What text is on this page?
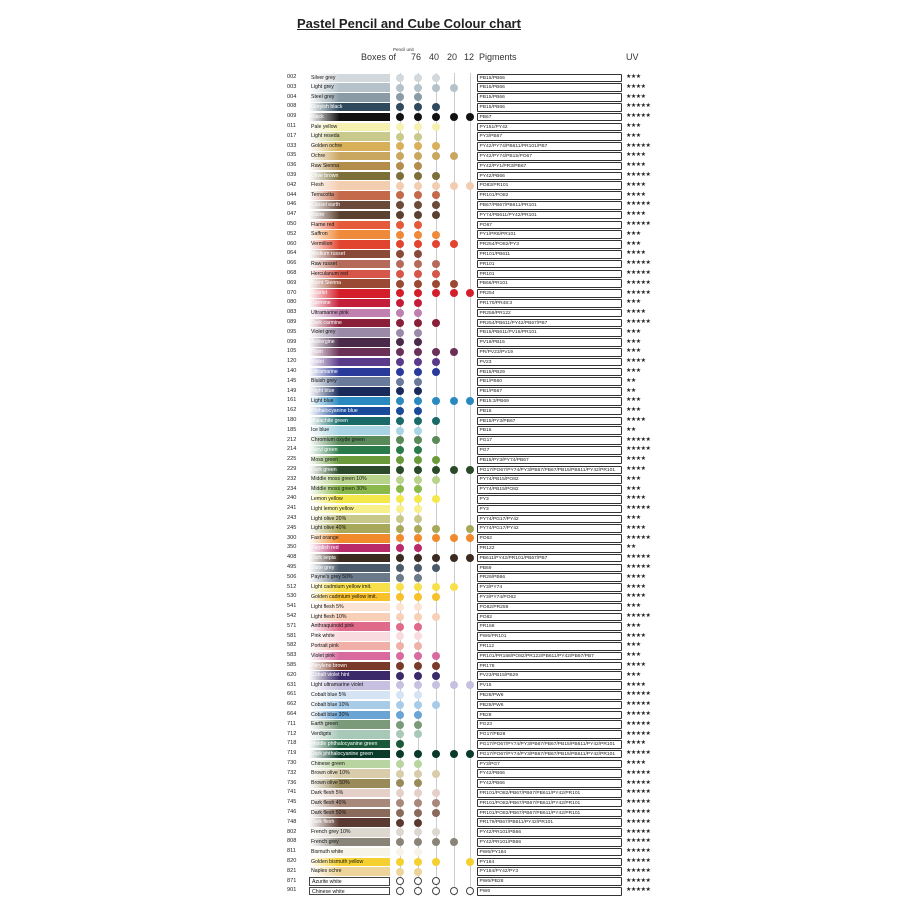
Pastel Pencil and Cube Colour chart
Boxes of
Pencil unit
76 40 20 12 Pigments	UV
002	Silver grey	PB15/PB66	★★★
003	Light grey	PB15/PB66	★★★★
004	Steel grey	PB15/PB66	★★★★
008	Greyish black	PB15/PB66	★★★★★
009	Black	PB67	★★★★★
011	Pale yellow	PY151/PY42	★★★
017	Light reseda	PY3/PB67	★★★
033	Golden ochre	PY42/PY74/PB611/PR101/PB7	★★★★★
035	Ochre	PY42/PY74/PB15/PO67	★★★★
036	Raw Sienna	PY42/PY1/PR3/PB67	★★★★
039	Olive brown	PY42/PB66	★★★★★
042	Flesh	PO83/PR101	★★★★
044	Terracotta	PR101/PO82	★★★★
046	Cassel earth	PB67/PB67/PB611/PR101	★★★★★
047	Bistre	PY74/PB611/PY42/PR101	★★★★
050	Flame red	PO67	★★★★★
052	Saffron	PY1/PR6/PR101	★★★
060	Vermilion	PR254/PO82/PY3	★★★
064	Medium russet	PR101/PB611	★★★★
066	Raw russet	PR101	★★★★★
068	Herculanum red	PR101	★★★★★
069	Burnt Sienna	PB66/PR101	★★★★★
070	Scarlet	PR254	★★★★★
080	Carmine	PR170/PR48:3	★★★
083	Ultramarine pink	PR259/PR122	★★★★
089	Dark carmine	PR254/PB611/PY42/PB67/PB7	★★★★★
095	Violet grey	PB15/PB611/PV16/PR101	★★★
099	Aubergine	PV19/PB15	★★★
105	Plum	PR/PV23/PV19	★★★
120	Violet	PV23	★★★★
140	Ultramarine	PB15/PB29	★★★
145	Bluish grey	PB1/PB60	★★
149	Night blue	PB1/PB67	★★
161	Light blue	PB15:3/PB69	★★★
162	Phthalocyanine blue	PB15	★★★
180	Malachite green	PB15/PY3/PB67	★★★★
185	Ice blue	PB16	★★
212	Chromium oxyde green	PG17	★★★★★
214	Beryl green	PG7	★★★★★
225	Moss green	PB15/PY3/PY74/PB67	★★★★
229	Dark green	PG17/PO67/PY74/PY3/PB67/PB67/PB15/PB611/PY42/PR101	★★★★
232	Middle moss green 10%	PY74/PB15/PO82	★★★
234	Middle moss green 30%	PY74/PB15/PO82	★★★
240	Lemon yellow	PY3	★★★★
241	Light lemon yellow	PY3	★★★★★
243	Light olive 20%	PY74/PG17/PY42	★★★
245	Light olive 40%	PY74/PG17/PY42	★★★★
300	Fast orange	PO62	★★★★★
350	Purplish red	PR122	★★
408	Dark sepia	PB611/PY42/PR101/PB67/PB7	★★★★★
495	Slate grey	PB69	★★★★★
506	Payne's grey 50%	PR29/PB66	★★★★
512	Light cadmium yellow imit.	PY3/PY74	★★★★
530	Golden cadmium yellow imit.	PY3/PY74/PO62	★★★★
541	Light flesh 5%	PO82/PR259	★★★
542	Light flesh 10%	PO82	★★★★★
571	Anthraquinoid pink	PR168	★★★
581	Pink white	PW6/PR101	★★★★
582	Portrait pink	PR112	★★★
583	Violet pink	PR101/PR168/PO82/PR122/PB611/PY42/PB67/PB7	★★★
585	Perylene brown	PR178	★★★★
620	Cobalt violet hint	PV23/PB15/PB29	★★★
631	Light ultramarine violet	PV15	★★★★
661	Cobalt blue 5%	PB28/PW6	★★★★★
662	Cobalt blue 10%	PB28/PW6	★★★★★
664	Cobalt blue 30%	PB28	★★★★★
711	Earth green	PG23	★★★★★
712	Verdigris	PG17/PB28	★★★★★
718	Middle phthalocyanine green	PG17/PO67/PY74/PY3/PB67/PB67/PB15/PB611/PY42/PR101	★★★★
719	Dark phthalocyanine green	PG17/PO67/PY74/PY3/PB67/PB67/PB15/PB611/PY42/PR101	★★★★★
730	Chinese green	PY3/PG7	★★★★
732	Brown olive 10%	PY42/PB66	★★★★★
736	Brown olive 50%	PY42/PB66	★★★★★
741	Dark flesh 5%	PR101/PO82/PB67/PB67/PB611/PY42/PR101	★★★★★
745	Dark flesh 40%	PR101/PO82/PB67/PB67/PB611/PY42/PR101	★★★★★
746	Dark flesh 50%	PR101/PO82/PB67/PB67/PB611/PY42/PR101	★★★★★
748	Dark flesh	PR179/PB67/PB611/PY42/PR101	★★★★★
802	French grey 10%	PY42/PR101/PB66	★★★★★
808	French grey	PY42/PR101/PB66	★★★★★
811	Bismuth white	PW6/PY184	★★★★★
820	Golden bismuth yellow	PY184	★★★★★
821	Naples ochre	PY184/PY42/PY3	★★★★★
871	Azurite white	PW6/PB28	★★★★★
901	Chinese white	PW6	★★★★★
